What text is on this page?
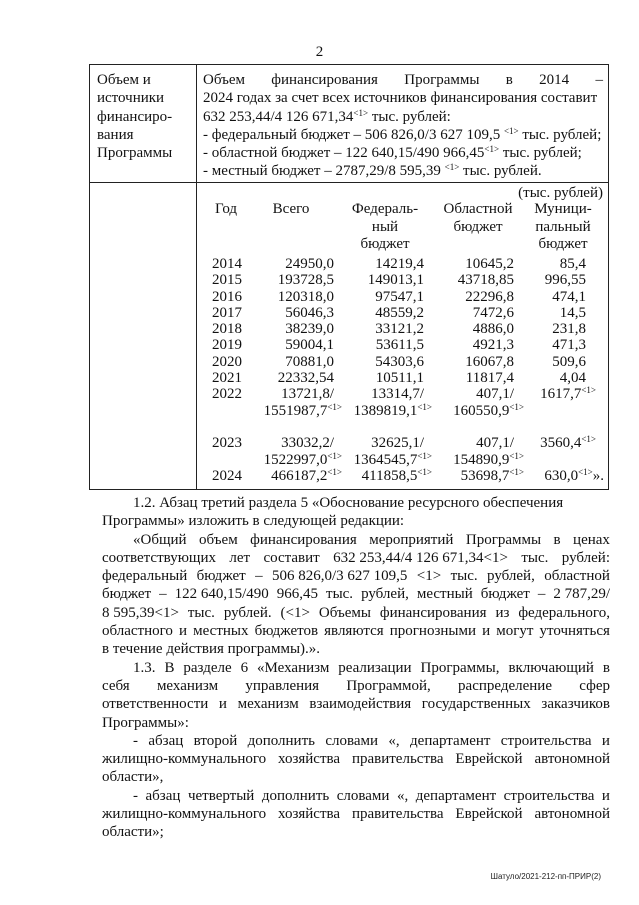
2
Объем и
источники
финансиро-
вания
Программы
Объем финансирования Программы в 2014 –
2024 годах за счет всех источников финансирования составит
632 253,44/4 126 $671,34^{<1>}$ тыс. рублей:
- федеральный бюджет – 506 826,0/3 627 109,5 $^{<1>}$ тыс. рублей;
- областной бюджет – 122 640,15/490 $966,45^{<1>}$ тыс. рублей;
- местный бюджет – 2787,29/8 595,39 $^{<1>}$ тыс. рублей.
(тыс. рублей)
Год	Всего	Федераль-
ный
бюджет
Областной
бюджет
Муници-
пальный
бюджет
2014
2015
2016
2017
2018
2019
2020
2021
2022
2023
2024
24950,0
193728,5
120318,0
56046,3
38239,0
59004,1
70881,0
22332,54
13721,8/
$1551987,7^{<1>}$
33032,2/
$1522997,0^{<1>}$
$466187,2^{<1>}$
14219,4
149013,1
97547,1
48559,2
33121,2
53611,5
54303,6
10511,1
13314,7/
$1389819,1^{<1>}$
32625,1/
$1364545,7^{<1>}$
$411858,5^{<1>}$
10645,2
43718,85
22296,8
7472,6
4886,0
4921,3
16067,8
11817,4
407,1/
$160550,9^{<1>}$
407,1/
$154890,9^{<1>}$
$53698,7^{<1>}$
85,4
996,55
474,1
14,5
231,8
471,3
509,6
4,04
$1617,7^{<1>}$
$3560,4^{<1>}$
$630,0^{<1>}$».
1.2. Абзац третий раздела 5 «Обоснование ресурсного обеспечения
Программы» изложить в следующей редакции:
«Общий объем финансирования мероприятий Программы в ценах
соответствующих лет составит 632 253,44/4 126 671,34<1> тыс. рублей:
федеральный бюджет – 506 826,0/3 627 109,5 <1> тыс. рублей, областной
бюджет – 122 640,15/490 966,45 тыс. рублей, местный бюджет – 2 787,29/
8 595,39<1> тыс. рублей. (<1> Объемы финансирования из федерального,
областного и местных бюджетов являются прогнозными и могут уточняться
в течение действия программы).».
1.3. В разделе 6 «Механизм реализации Программы, включающий в
себя механизм управления Программой, распределение сфер
ответственности и механизм взаимодействия государственных заказчиков
Программы»:
- абзац второй дополнить словами «, департамент строительства и
жилищно-коммунального хозяйства правительства Еврейской автономной
области»,
- абзац четвертый дополнить словами «, департамент строительства и
жилищно-коммунального хозяйства правительства Еврейской автономной
области»;
Шатуло/2021-212-пп-ПРИР(2)
